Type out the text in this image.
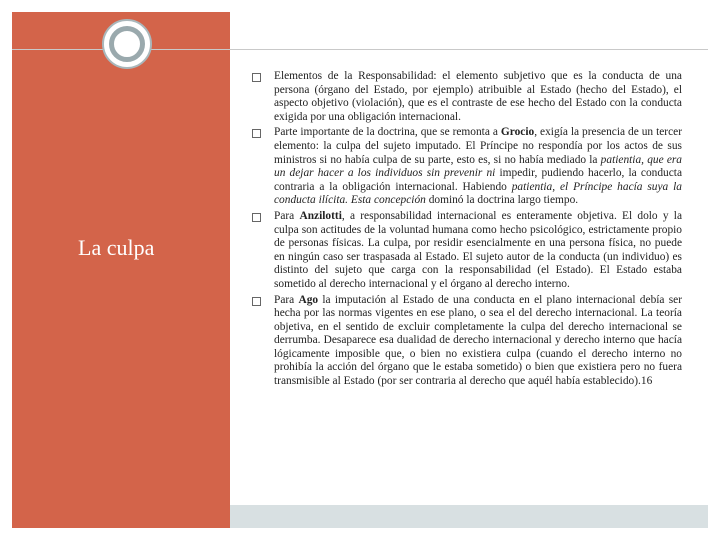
La culpa
Elementos de la Responsabilidad: el elemento subjetivo que es la conducta de una persona (órgano del Estado, por ejemplo) atribuible al Estado (hecho del Estado), el aspecto objetivo (violación), que es el contraste de ese hecho del Estado con la conducta exigida por una obligación internacional.
Parte importante de la doctrina, que se remonta a Grocio, exigía la presencia de un tercer elemento: la culpa del sujeto imputado. El Príncipe no respondía por los actos de sus ministros si no había culpa de su parte, esto es, si no había mediado la patientia, que era un dejar hacer a los individuos sin prevenir ni impedir, pudiendo hacerlo, la conducta contraria a la obligación internacional. Habiendo patientia, el Príncipe hacía suya la conducta ilícita. Esta concepción dominó la doctrina largo tiempo.
Para Anzilotti, a responsabilidad internacional es enteramente objetiva. El dolo y la culpa son actitudes de la voluntad humana como hecho psicológico, estrictamente propio de personas físicas. La culpa, por residir esencialmente en una persona física, no puede en ningún caso ser traspasada al Estado. El sujeto autor de la conducta (un individuo) es distinto del sujeto que carga con la responsabilidad (el Estado). El Estado estaba sometido al derecho internacional y el órgano al derecho interno.
Para Ago la imputación al Estado de una conducta en el plano internacional debía ser hecha por las normas vigentes en ese plano, o sea el del derecho internacional. La teoría objetiva, en el sentido de excluir completamente la culpa del derecho internacional se derrumba. Desaparece esa dualidad de derecho internacional y derecho interno que hacía lógicamente imposible que, o bien no existiera culpa (cuando el derecho interno no prohibía la acción del órgano que le estaba sometido) o bien que existiera pero no fuera transmisible al Estado (por ser contraria al derecho que aquél había establecido).16
